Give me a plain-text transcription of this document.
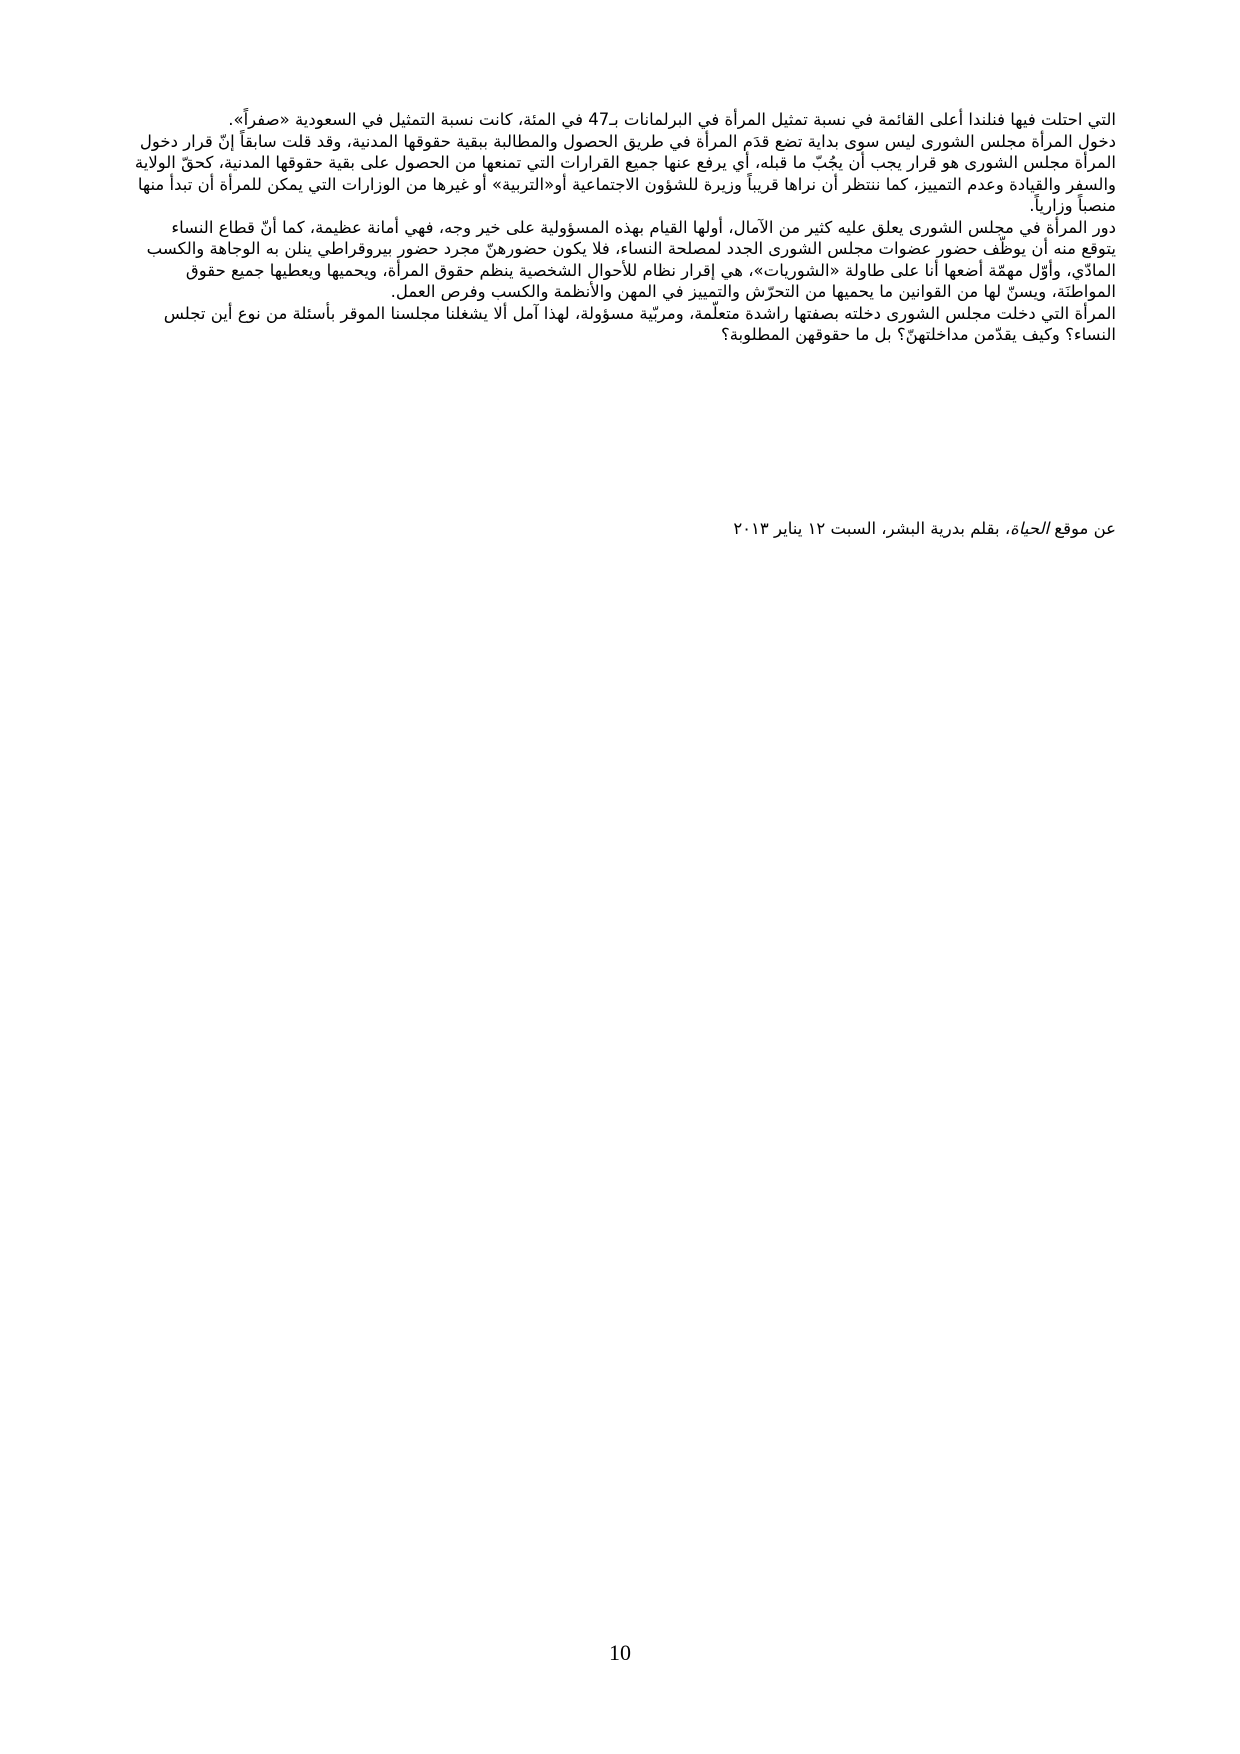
التي احتلت فيها فنلندا أعلى القائمة في نسبة تمثيل المرأة في البرلمانات بـ47 في المئة، كانت نسبة التمثيل في السعودية «صفراً».

دخول المرأة مجلس الشورى ليس سوى بداية تضع قدَم المرأة في طريق الحصول والمطالبة ببقية حقوقها المدنية، وقد قلت سابقاً إنّ قرار دخول المرأة مجلس الشورى هو قرار يجب أن يجُبّ ما قبله، أي يرفع عنها جميع القرارات التي تمنعها من الحصول على بقية حقوقها المدنية، كحقّ الولاية والسفر والقيادة وعدم التمييز، كما ننتظر أن نراها قريباً وزيرة للشؤون الاجتماعية أو«التربية» أو غيرها من الوزارات التي يمكن للمرأة أن تبدأ منها منصباً وزارياً.

دور المرأة في مجلس الشورى يعلق عليه كثير من الآمال، أولها القيام بهذه المسؤولية على خير وجه، فهي أمانة عظيمة، كما أنّ قطاع النساء يتوقع منه أن يوظّف حضور عضوات مجلس الشورى الجدد لمصلحة النساء، فلا يكون حضورهنّ مجرد حضور بيروقراطي ينلن به الوجاهة والكسب المادّي، وأوّل مهمّة أضعها أنا على طاولة «الشوريات»، هي إقرار نظام للأحوال الشخصية ينظم حقوق المرأة، ويحميها ويعطيها جميع حقوق المواطنَة، ويسنّ لها من القوانين ما يحميها من التحرّش والتمييز في المهن والأنظمة والكسب وفرص العمل.

المرأة التي دخلت مجلس الشورى دخلته بصفتها راشدة متعلّمة، ومربّية مسؤولة، لهذا آمل ألا يشغلنا مجلسنا الموقر بأسئلة من نوع أين تجلس النساء؟ وكيف يقدّمن مداخلتهنّ؟ بل ما حقوقهن المطلوبة؟

عن موقع الحياة، بقلم بدرية البشر، السبت ١٢ يناير ٢٠١٣
10
